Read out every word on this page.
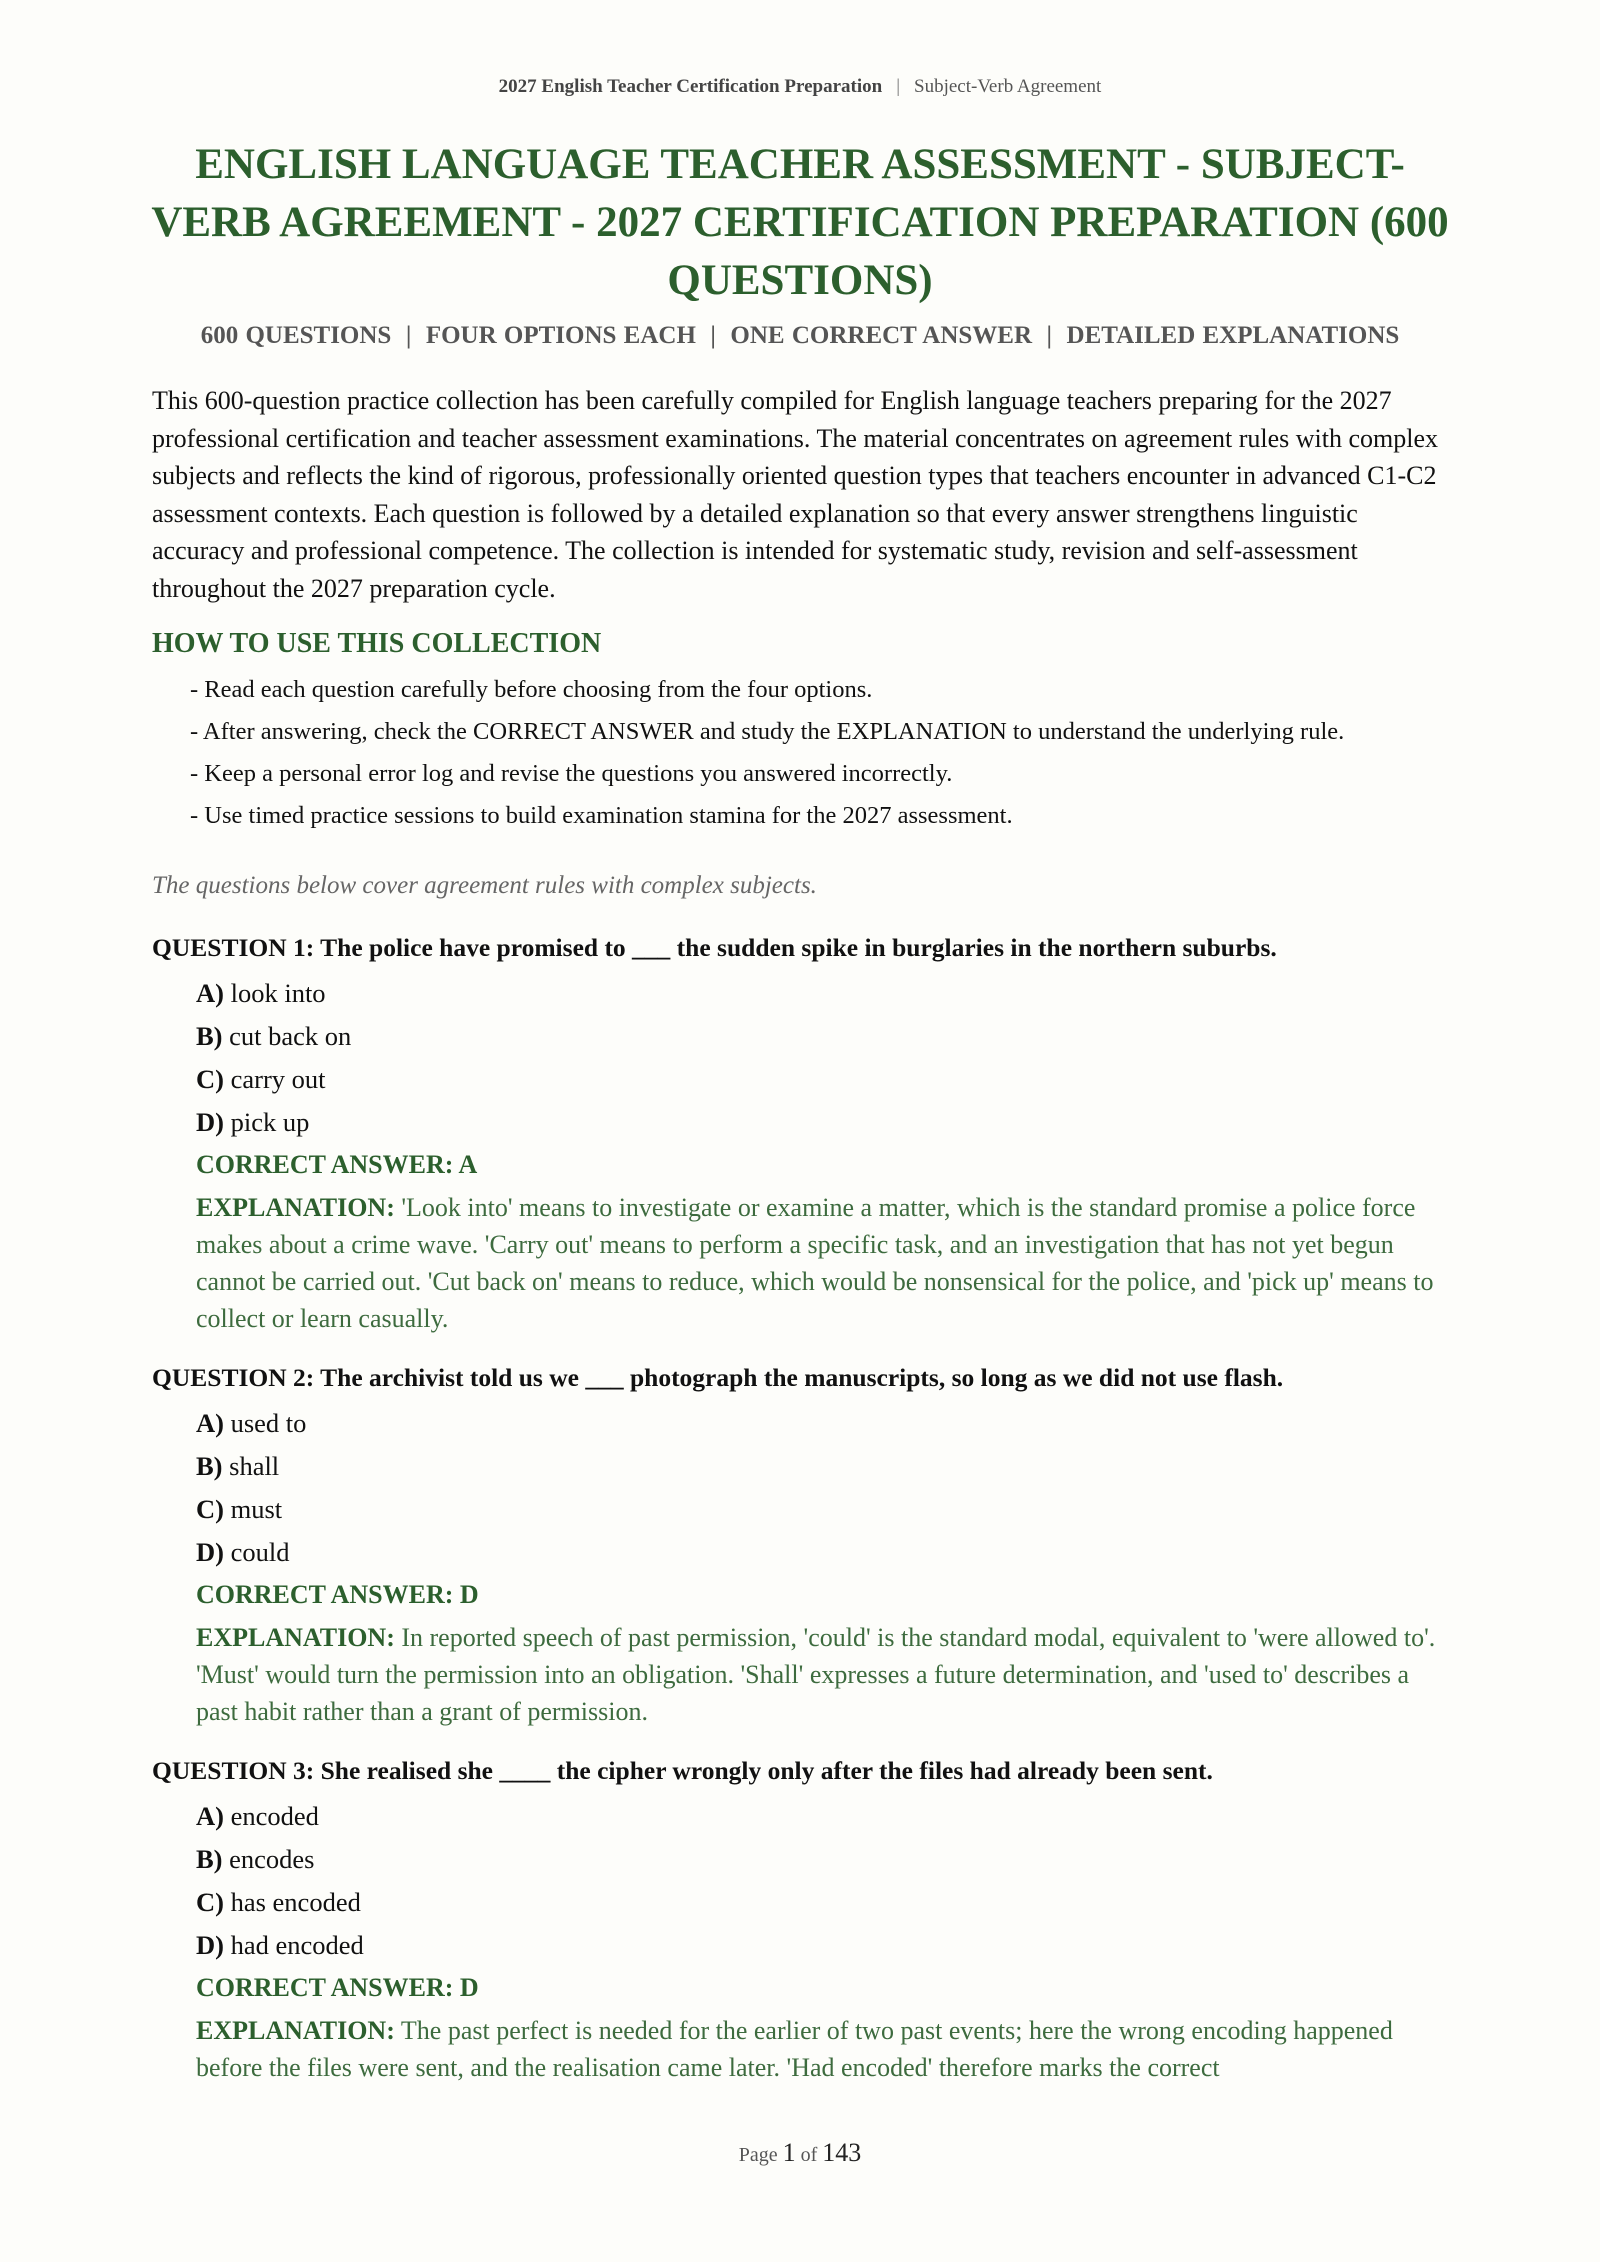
2027 English Teacher Certification Preparation | Subject-Verb Agreement
ENGLISH LANGUAGE TEACHER ASSESSMENT - SUBJECT-VERB AGREEMENT - 2027 CERTIFICATION PREPARATION (600 QUESTIONS)
600 QUESTIONS  |  FOUR OPTIONS EACH  |  ONE CORRECT ANSWER  |  DETAILED EXPLANATIONS

This 600-question practice collection has been carefully compiled for English language teachers preparing for the 2027 professional certification and teacher assessment examinations. The material concentrates on agreement rules with complex subjects and reflects the kind of rigorous, professionally oriented question types that teachers encounter in advanced C1-C2 assessment contexts. Each question is followed by a detailed explanation so that every answer strengthens linguistic accuracy and professional competence. The collection is intended for systematic study, revision and self-assessment throughout the 2027 preparation cycle.

HOW TO USE THIS COLLECTION
- Read each question carefully before choosing from the four options.
- After answering, check the CORRECT ANSWER and study the EXPLANATION to understand the underlying rule.
- Keep a personal error log and revise the questions you answered incorrectly.
- Use timed practice sessions to build examination stamina for the 2027 assessment.

The questions below cover agreement rules with complex subjects.

QUESTION 1: The police have promised to ___ the sudden spike in burglaries in the northern suburbs.

A) look into
B) cut back on
C) carry out
D) pick up

CORRECT ANSWER: A

EXPLANATION: 'Look into' means to investigate or examine a matter, which is the standard promise a police force makes about a crime wave. 'Carry out' means to perform a specific task, and an investigation that has not yet begun cannot be carried out. 'Cut back on' means to reduce, which would be nonsensical for the police, and 'pick up' means to collect or learn casually.

QUESTION 2: The archivist told us we ___ photograph the manuscripts, so long as we did not use flash.

A) used to
B) shall
C) must
D) could

CORRECT ANSWER: D

EXPLANATION: In reported speech of past permission, 'could' is the standard modal, equivalent to 'were allowed to'. 'Must' would turn the permission into an obligation. 'Shall' expresses a future determination, and 'used to' describes a past habit rather than a grant of permission.

QUESTION 3: She realised she ____ the cipher wrongly only after the files had already been sent.

A) encoded
B) encodes
C) has encoded
D) had encoded

CORRECT ANSWER: D

EXPLANATION: The past perfect is needed for the earlier of two past events; here the wrong encoding happened before the files were sent, and the realisation came later. 'Had encoded' therefore marks the correct

Page 1 of 143
